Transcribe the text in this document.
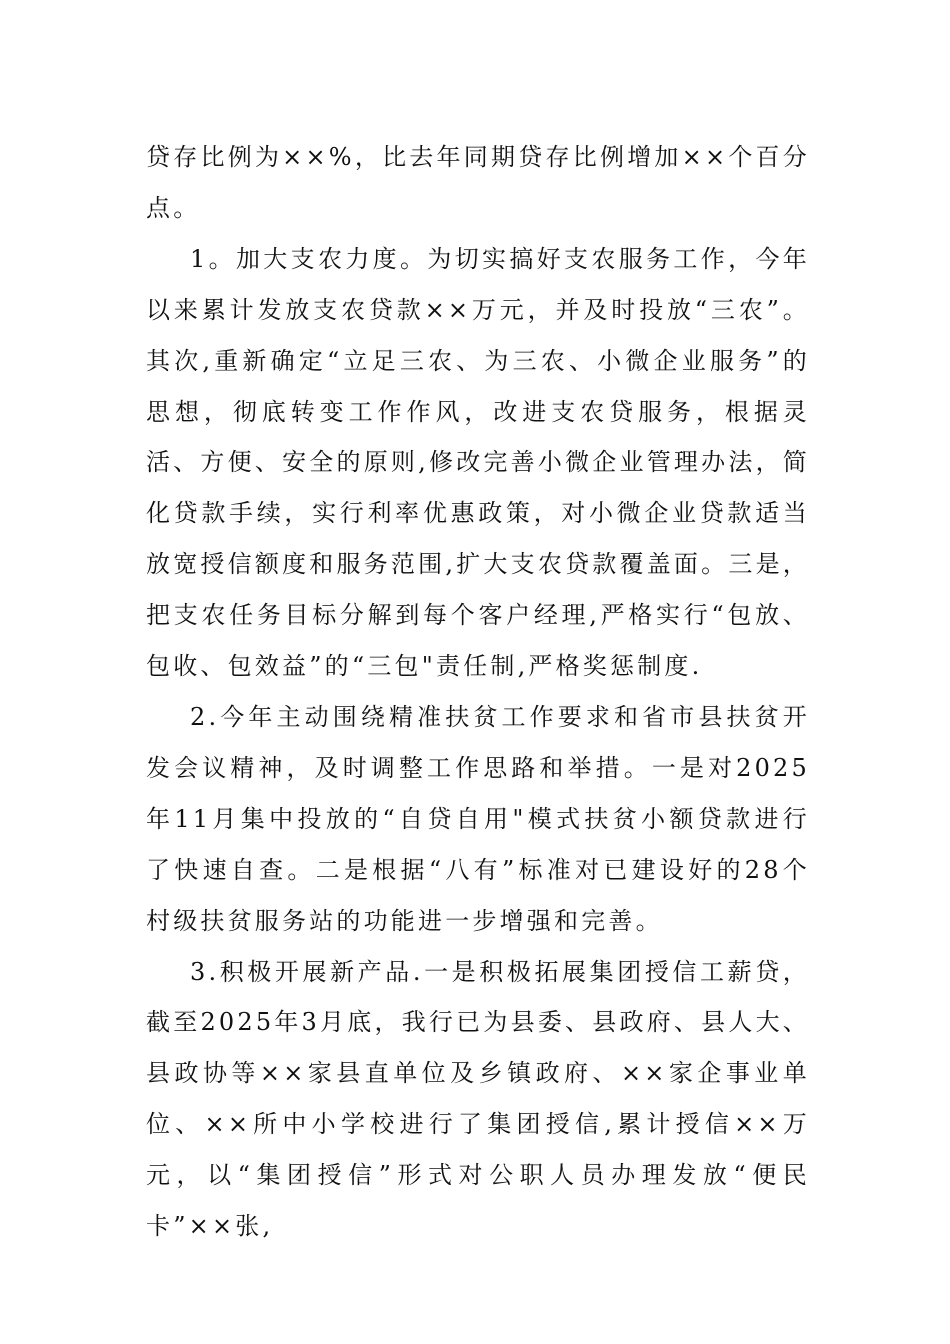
贷存比例为××%，比去年同期贷存比例增加××个百分点。

1。加大支农力度。为切实搞好支农服务工作，今年以来累计发放支农贷款××万元，并及时投放“三农”。其次,重新确定“立足三农、为三农、小微企业服务”的思想，彻底转变工作作风，改进支农贷服务，根据灵活、方便、安全的原则,修改完善小微企业管理办法，简化贷款手续，实行利率优惠政策，对小微企业贷款适当放宽授信额度和服务范围,扩大支农贷款覆盖面。三是，把支农任务目标分解到每个客户经理,严格实行“包放、包收、包效益”的“三包"责任制,严格奖惩制度.

2.今年主动围绕精准扶贫工作要求和省市县扶贫开发会议精神，及时调整工作思路和举措。一是对2025年11月集中投放的“自贷自用"模式扶贫小额贷款进行了快速自查。二是根据“八有”标准对已建设好的28个村级扶贫服务站的功能进一步增强和完善。

3.积极开展新产品.一是积极拓展集团授信工薪贷，截至2025年3月底，我行已为县委、县政府、县人大、县政协等××家县直单位及乡镇政府、××家企事业单位、××所中小学校进行了集团授信,累计授信××万元，以“集团授信”形式对公职人员办理发放“便民卡”××张,
